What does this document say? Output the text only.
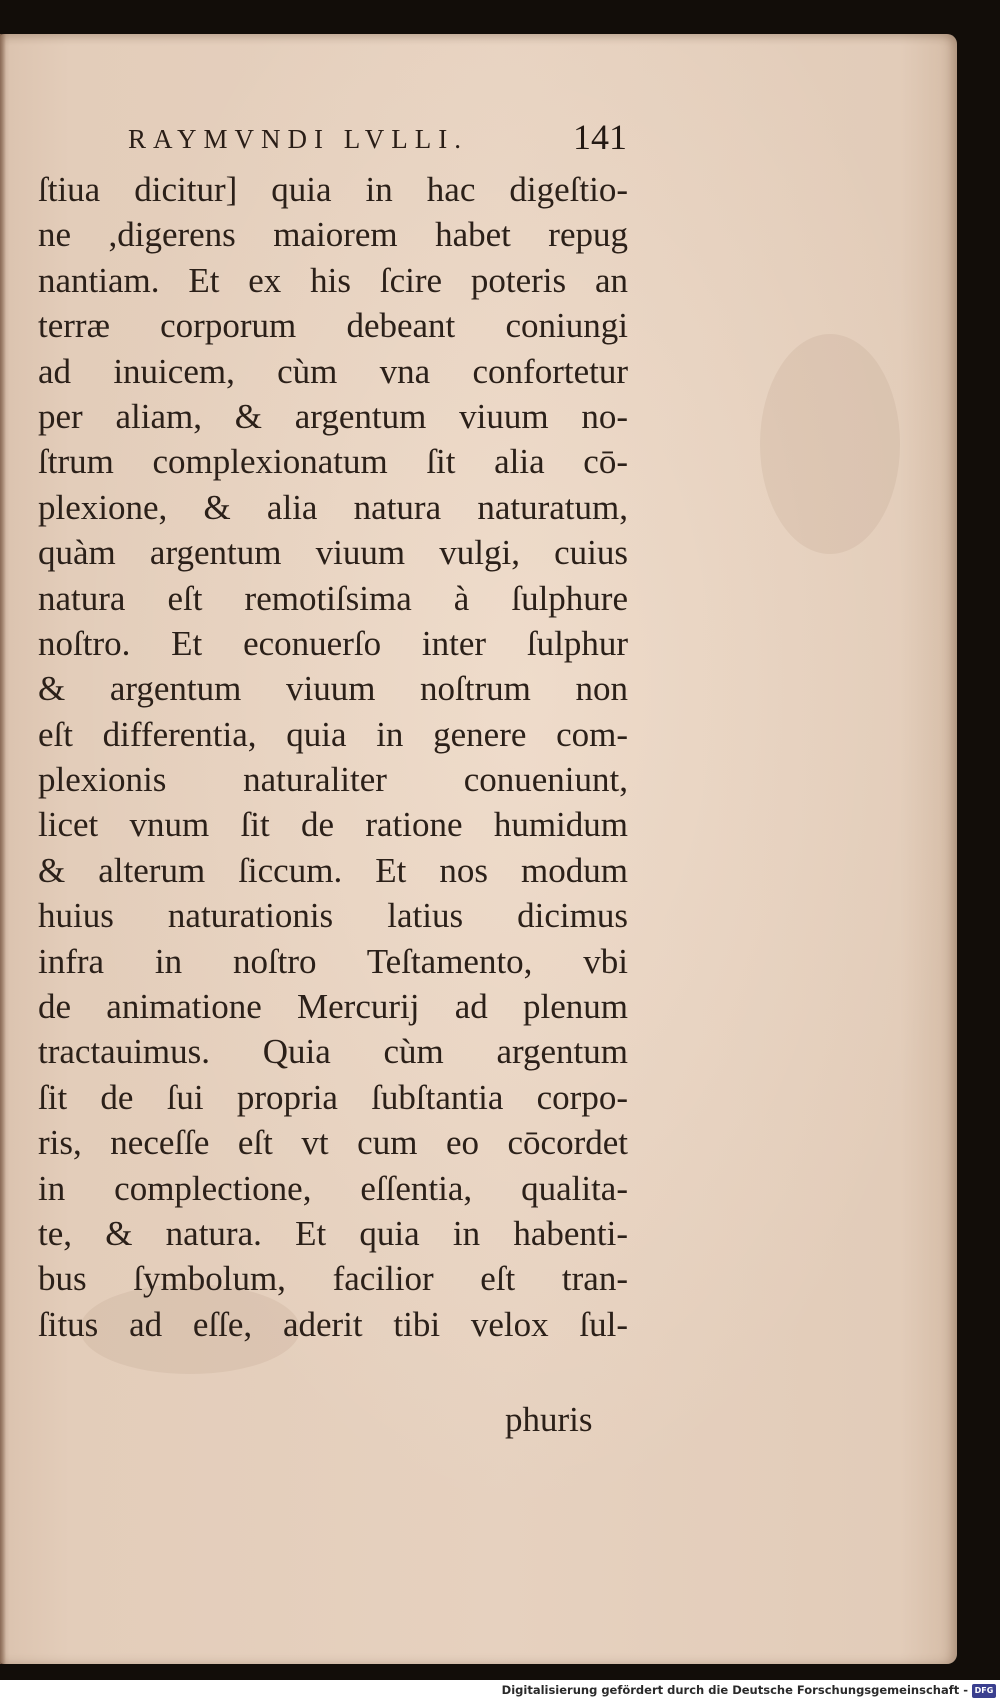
RAYMVNDI LVLLI.	141
ſtiua dicitur] quia in hac digeſtio-
ne ,digerens maiorem habet repug
nantiam. Et ex his ſcire poteris an
terræ corporum debeant coniungi
ad inuicem, cùm vna confortetur
per aliam, & argentum viuum no-
ſtrum complexionatum ſit alia cō-
plexione, & alia natura naturatum,
quàm argentum viuum vulgi, cuius
natura eſt remotiſsima à ſulphure
noſtro. Et econuerſo inter ſulphur
& argentum viuum noſtrum non
eſt differentia, quia in genere com-
plexionis naturaliter conueniunt,
licet vnum ſit de ratione humidum
& alterum ſiccum. Et nos modum
huius naturationis latius dicimus
infra in noſtro Teſtamento, vbi
de animatione Mercurij ad plenum
tractauimus. Quia cùm argentum
ſit de ſui propria ſubſtantia corpo-
ris, neceſſe eſt vt cum eo cōcordet
in complectione, eſſentia, qualita-
te, & natura. Et quia in habenti-
bus ſymbolum, facilior eſt tran-
ſitus ad eſſe, aderit tibi velox ſul-
phuris
Digitalisierung gefördert durch die Deutsche Forschungsgemeinschaft - DFG
